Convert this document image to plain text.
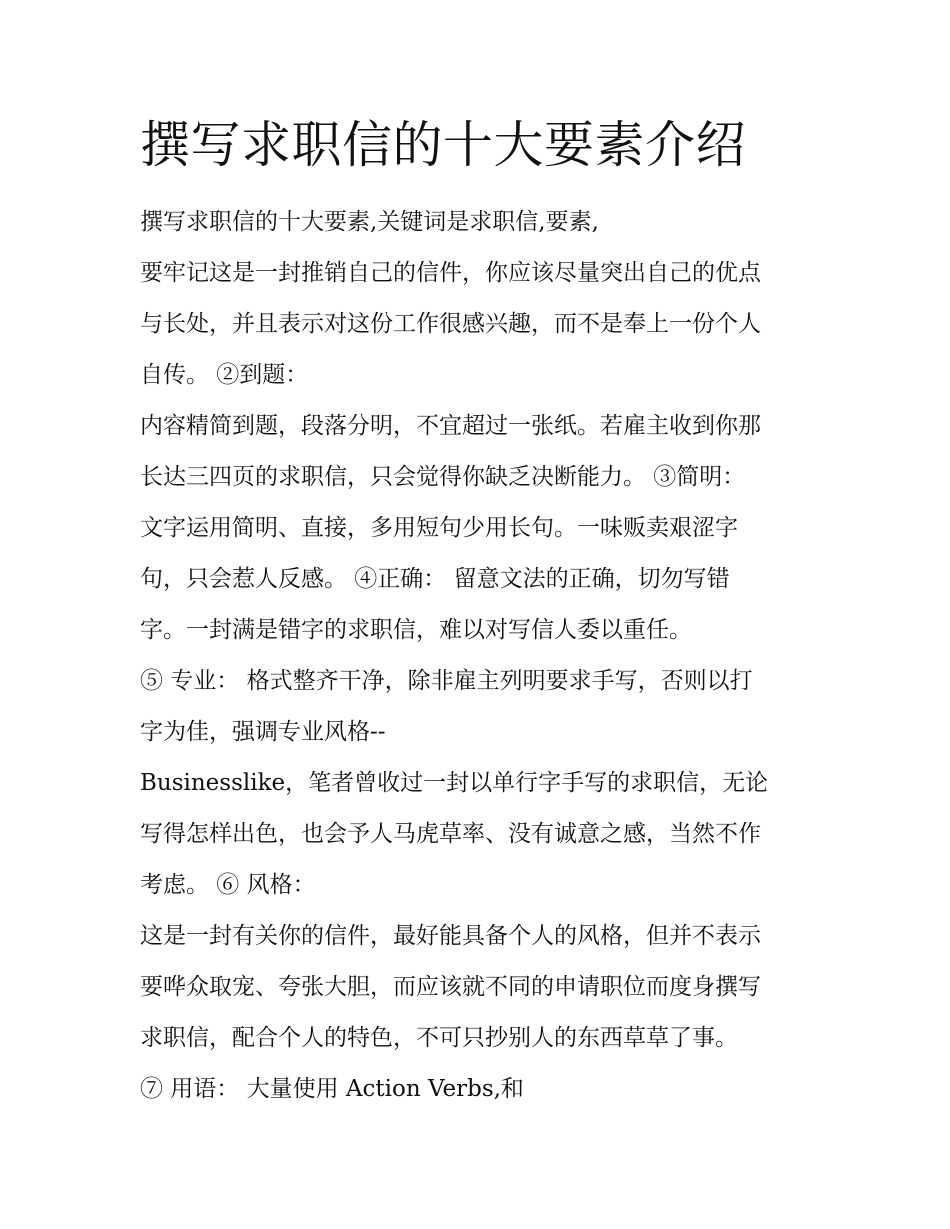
撰写求职信的十大要素介绍

撰写求职信的十大要素,关键词是求职信,要素,

要牢记这是一封推销自己的信件，你应该尽量突出自己的优点

与长处，并且表示对这份工作很感兴趣，而不是奉上一份个人

自传。 ②到题：

内容精简到题，段落分明，不宜超过一张纸。若雇主收到你那

长达三四页的求职信，只会觉得你缺乏决断能力。 ③简明：

文字运用简明、直接，多用短句少用长句。一味贩卖艰涩字

句，只会惹人反感。 ④正确： 留意文法的正确，切勿写错

字。一封满是错字的求职信，难以对写信人委以重任。

⑤ 专业： 格式整齐干净，除非雇主列明要求手写，否则以打

字为佳，强调专业风格--

Businesslike，笔者曾收过一封以单行字手写的求职信，无论

写得怎样出色，也会予人马虎草率、没有诚意之感，当然不作

考虑。 ⑥ 风格：

这是一封有关你的信件，最好能具备个人的风格，但并不表示

要哗众取宠、夸张大胆，而应该就不同的申请职位而度身撰写

求职信，配合个人的特色，不可只抄别人的东西草草了事。

⑦ 用语： 大量使用 Action Verbs,和
